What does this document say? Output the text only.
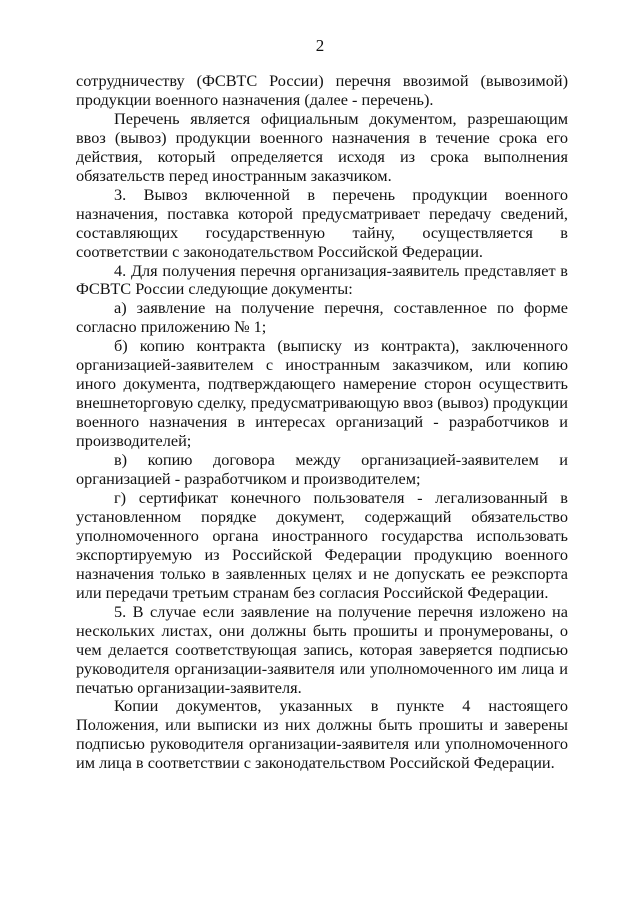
2

сотрудничеству (ФСВТС России) перечня ввозимой (вывозимой) продукции военного назначения (далее - перечень).

Перечень является официальным документом, разрешающим ввоз (вывоз) продукции военного назначения в течение срока его действия, который определяется исходя из срока выполнения обязательств перед иностранным заказчиком.

3. Вывоз включенной в перечень продукции военного назначения, поставка которой предусматривает передачу сведений, составляющих государственную тайну, осуществляется в соответствии с законодательством Российской Федерации.

4. Для получения перечня организация-заявитель представляет в ФСВТС России следующие документы:

а) заявление на получение перечня, составленное по форме согласно приложению № 1;

б) копию контракта (выписку из контракта), заключенного организацией-заявителем с иностранным заказчиком, или копию иного документа, подтверждающего намерение сторон осуществить внешнеторговую сделку, предусматривающую ввоз (вывоз) продукции военного назначения в интересах организаций - разработчиков и производителей;

в) копию договора между организацией-заявителем и организацией - разработчиком и производителем;

г) сертификат конечного пользователя - легализованный в установленном порядке документ, содержащий обязательство уполномоченного органа иностранного государства использовать экспортируемую из Российской Федерации продукцию военного назначения только в заявленных целях и не допускать ее реэкспорта или передачи третьим странам без согласия Российской Федерации.

5. В случае если заявление на получение перечня изложено на нескольких листах, они должны быть прошиты и пронумерованы, о чем делается соответствующая запись, которая заверяется подписью руководителя организации-заявителя или уполномоченного им лица и печатью организации-заявителя.

Копии документов, указанных в пункте 4 настоящего Положения, или выписки из них должны быть прошиты и заверены подписью руководителя организации-заявителя или уполномоченного им лица в соответствии с законодательством Российской Федерации.
